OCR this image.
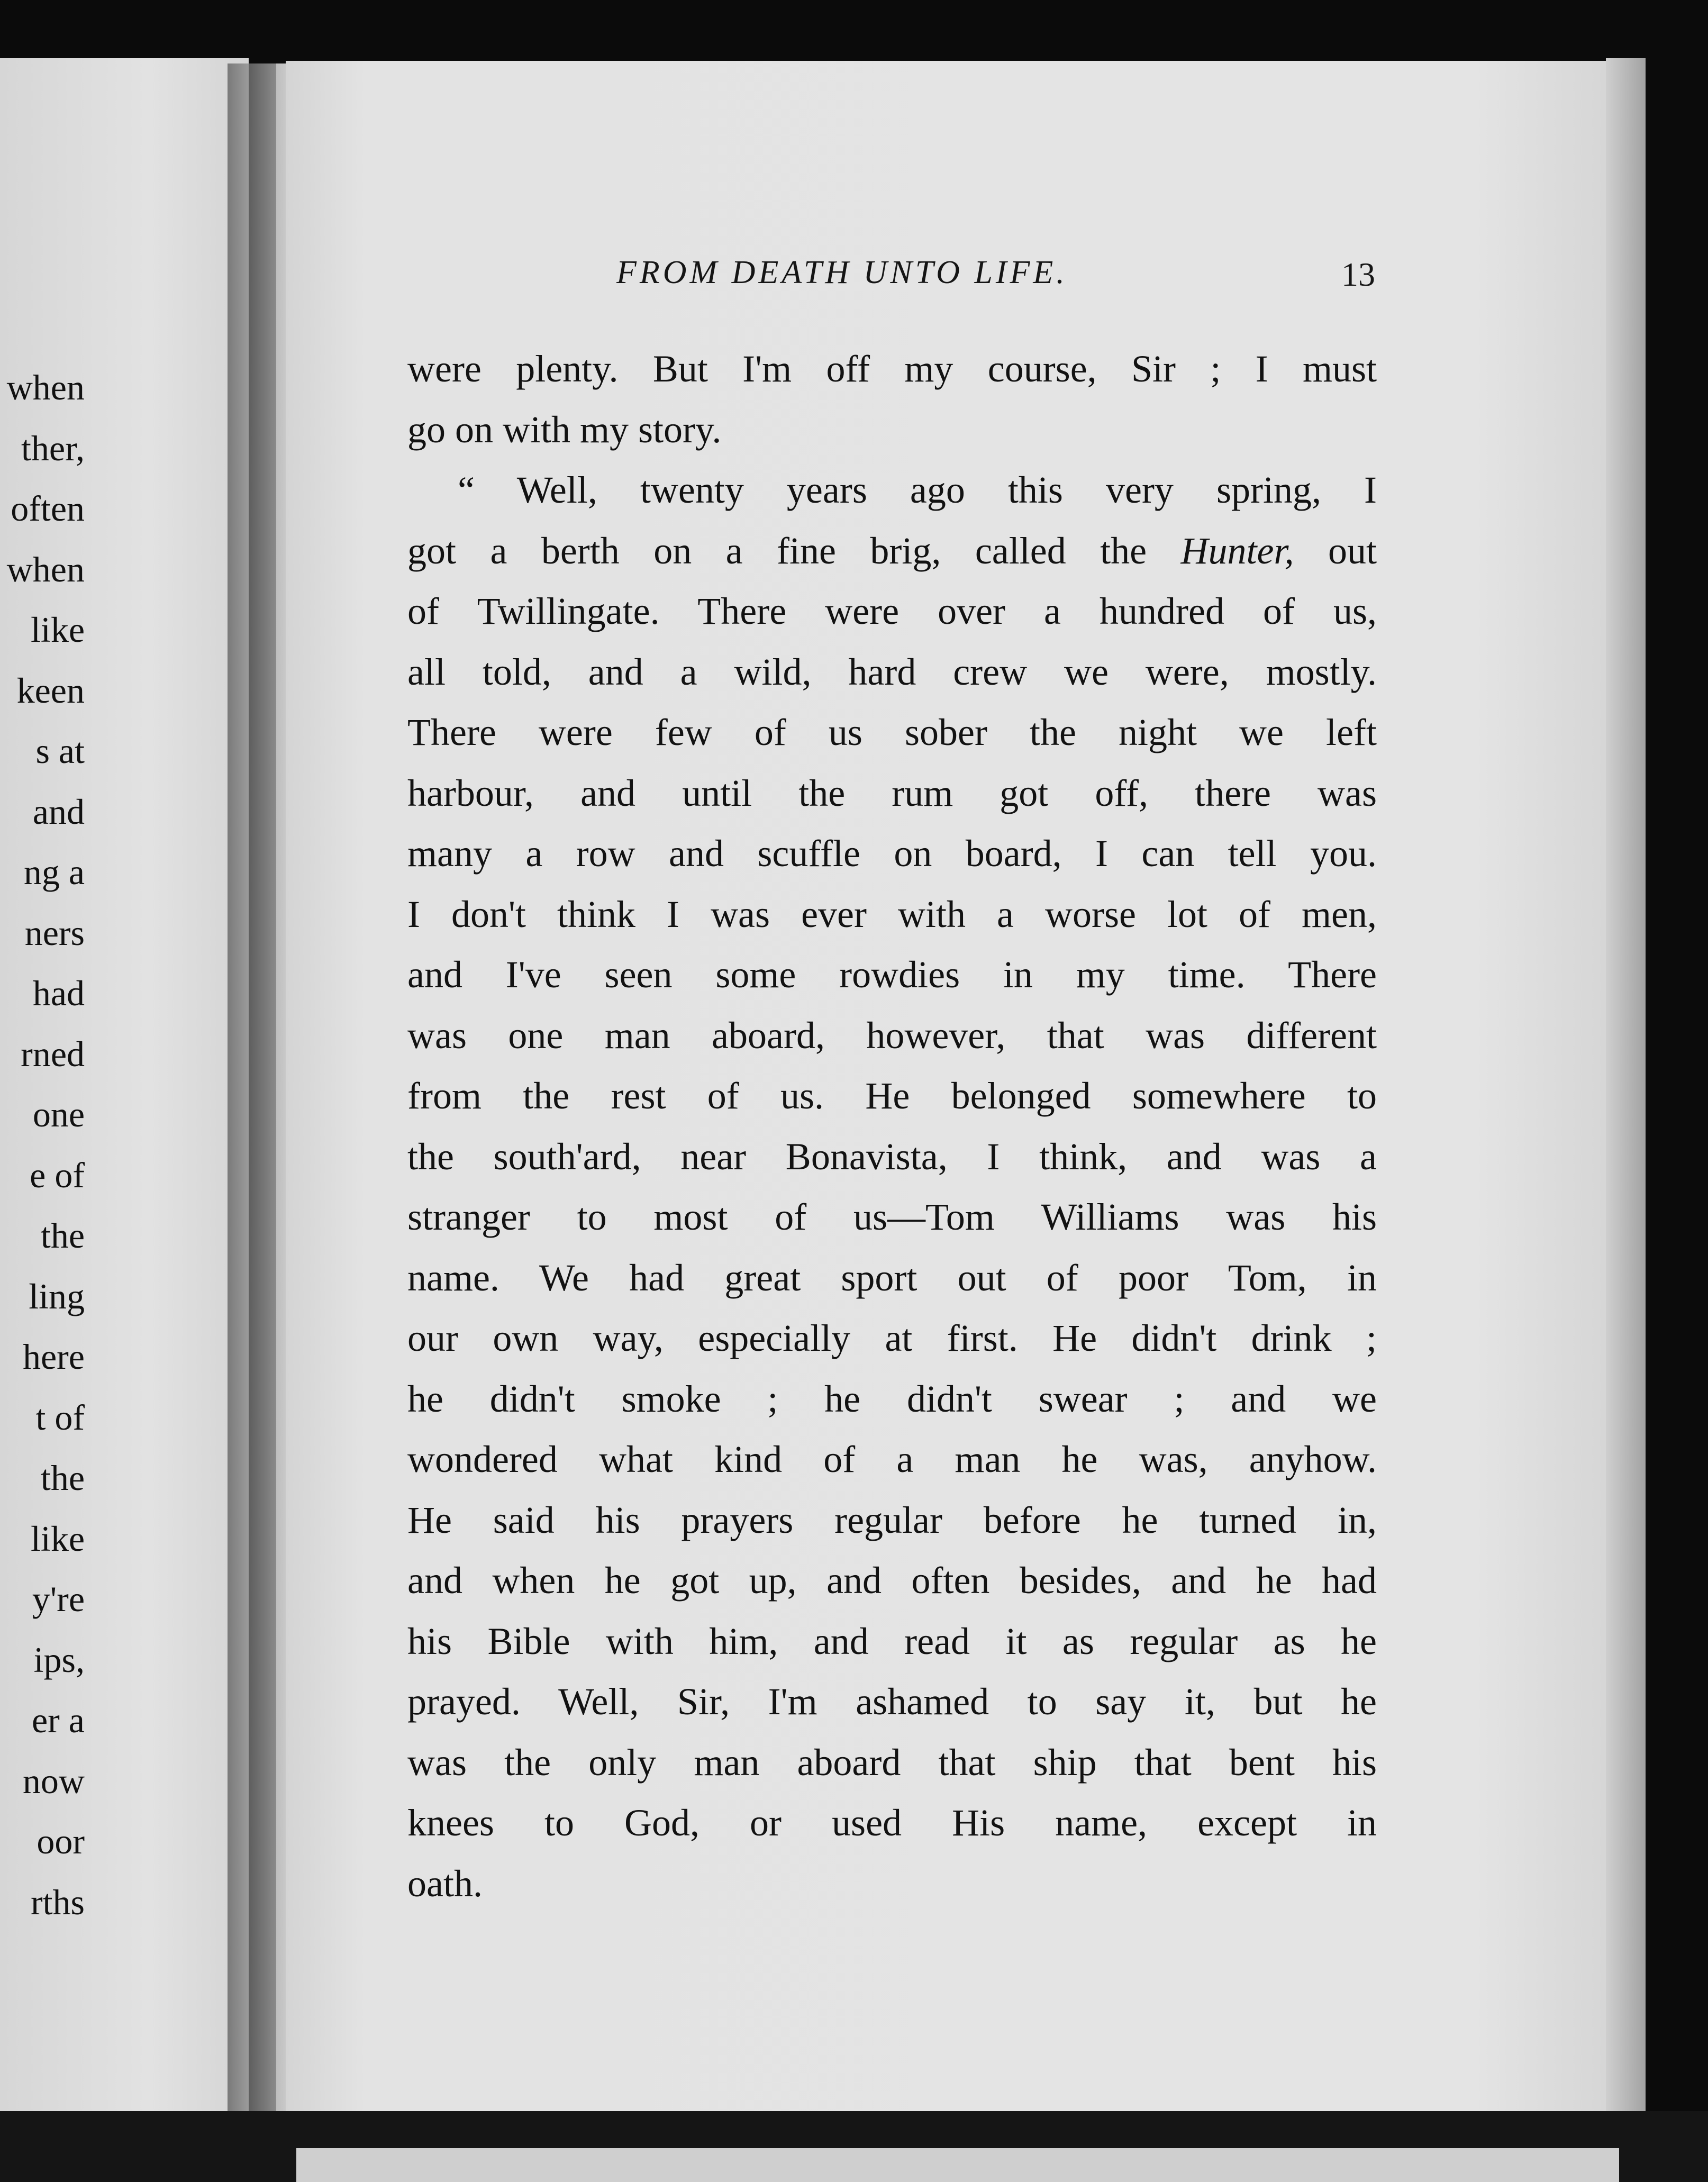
when
ther,
often
when
like
keen
s at
and
ng a
ners
had
rned
one
e of
the
ling
here
t of
the
like
y're
ips,
er a
now
oor
rths
FROM DEATH UNTO LIFE.	13
were plenty. But I'm off my course, Sir ; I must
go on with my story.
“ Well, twenty years ago this very spring, I
got a berth on a fine brig, called the Hunter, out
of Twillingate. There were over a hundred of us,
all told, and a wild, hard crew we were, mostly.
There were few of us sober the night we left
harbour, and until the rum got off, there was
many a row and scuffle on board, I can tell you.
I don't think I was ever with a worse lot of men,
and I've seen some rowdies in my time. There
was one man aboard, however, that was different
from the rest of us. He belonged somewhere to
the south'ard, near Bonavista, I think, and was a
stranger to most of us—Tom Williams was his
name. We had great sport out of poor Tom, in
our own way, especially at first. He didn't drink ;
he didn't smoke ; he didn't swear ; and we
wondered what kind of a man he was, anyhow.
He said his prayers regular before he turned in,
and when he got up, and often besides, and he had
his Bible with him, and read it as regular as he
prayed. Well, Sir, I'm ashamed to say it, but he
was the only man aboard that ship that bent his
knees to God, or used His name, except in
oath.
